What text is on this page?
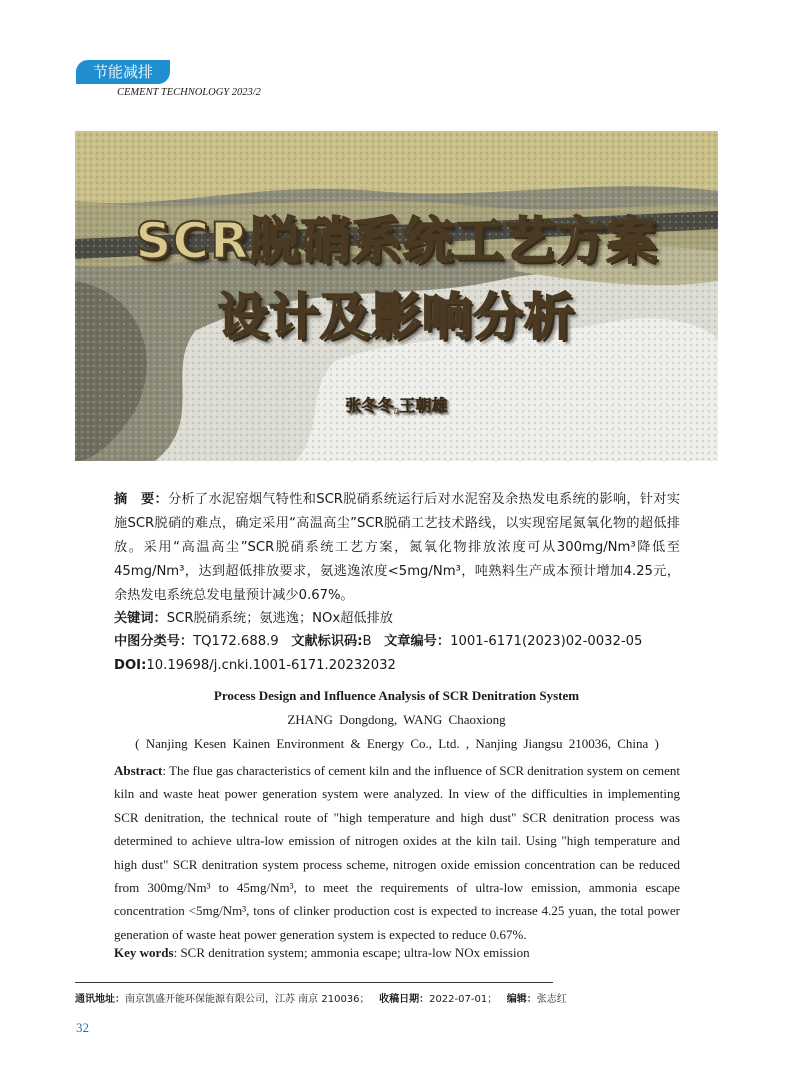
节能减排
CEMENT TECHNOLOGY 2023/2
SCR脱硝系统工艺方案
设计及影响分析
张冬冬,王朝雄
摘　要：分析了水泥窑烟气特性和SCR脱硝系统运行后对水泥窑及余热发电系统的影响，针对实施SCR脱硝的难点，确定采用“高温高尘”SCR脱硝工艺技术路线，以实现窑尾氮氧化物的超低排放。采用“高温高尘”SCR脱硝系统工艺方案，氮氧化物排放浓度可从300mg/Nm³降低至45mg/Nm³，达到超低排放要求，氨逃逸浓度<5mg/Nm³，吨熟料生产成本预计增加4.25元，余热发电系统总发电量预计减少0.67%。
关键词：SCR脱硝系统；氨逃逸；NOx超低排放
中图分类号：TQ172.688.9 文献标识码:B 文章编号：1001-6171(2023)02-0032-05
DOI:10.19698/j.cnki.1001-6171.20232032
Process Design and Influence Analysis of SCR Denitration System
ZHANG Dongdong, WANG Chaoxiong
( Nanjing Kesen Kainen Environment & Energy Co., Ltd. , Nanjing Jiangsu 210036, China )
Abstract: The flue gas characteristics of cement kiln and the influence of SCR denitration system on cement kiln and waste heat power generation system were analyzed. In view of the difficulties in implementing SCR denitration, the technical route of "high temperature and high dust" SCR denitration process was determined to achieve ultra-low emission of nitrogen oxides at the kiln tail. Using "high temperature and high dust" SCR denitration system process scheme, nitrogen oxide emission concentration can be reduced from 300mg/Nm³ to 45mg/Nm³, to meet the requirements of ultra-low emission, ammonia escape concentration <5mg/Nm³, tons of clinker production cost is expected to increase 4.25 yuan, the total power generation of waste heat power generation system is expected to reduce 0.67%.
Key words: SCR denitration system; ammonia escape; ultra-low NOx emission
通讯地址：南京凯盛开能环保能源有限公司，江苏 南京 210036； 收稿日期：2022-07-01； 编辑：张志红
32
